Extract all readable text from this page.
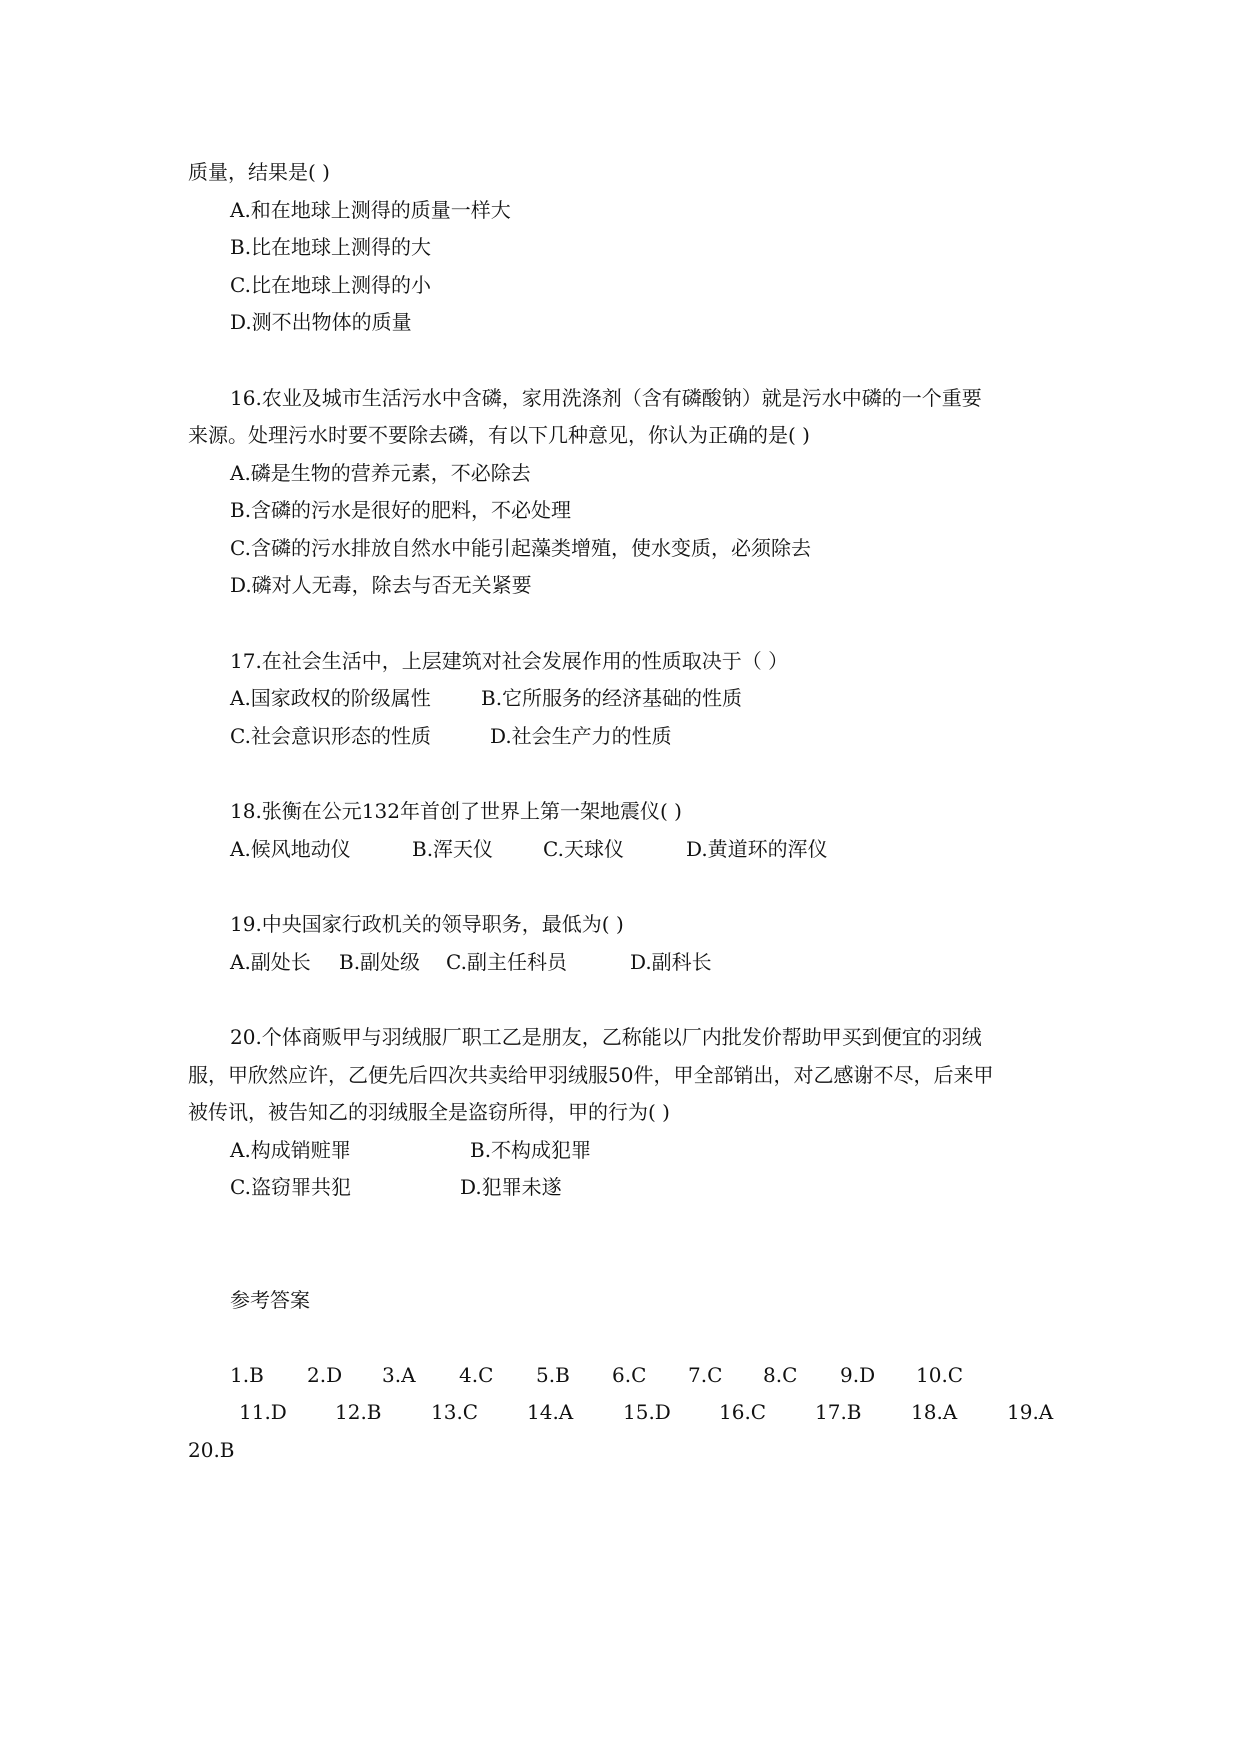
质量，结果是( )
A.和在地球上测得的质量一样大
B.比在地球上测得的大
C.比在地球上测得的小
D.测不出物体的质量
16.农业及城市生活污水中含磷，家用洗涤剂（含有磷酸钠）就是污水中磷的一个重要
来源。处理污水时要不要除去磷，有以下几种意见，你认为正确的是( )
A.磷是生物的营养元素，不必除去
B.含磷的污水是很好的肥料，不必处理
C.含磷的污水排放自然水中能引起藻类增殖，使水变质，必须除去
D.磷对人无毒，除去与否无关紧要
17.在社会生活中，上层建筑对社会发展作用的性质取决于（ ）
A.国家政权的阶级属性	B.它所服务的经济基础的性质
C.社会意识形态的性质	D.社会生产力的性质
18.张衡在公元132年首创了世界上第一架地震仪( )
A.候风地动仪	B.浑天仪 C.天球仪	D.黄道环的浑仪
19.中央国家行政机关的领导职务，最低为( )
A.副处长 B.副处级 C.副主任科员	D.副科长
20.个体商贩甲与羽绒服厂职工乙是朋友，乙称能以厂内批发价帮助甲买到便宜的羽绒
服，甲欣然应许，乙便先后四次共卖给甲羽绒服50件，甲全部销出，对乙感谢不尽，后来甲
被传讯，被告知乙的羽绒服全是盗窃所得，甲的行为( )
A.构成销赃罪	B.不构成犯罪
C.盗窃罪共犯	D.犯罪未遂
参考答案
1.B 2.D 3.A 4.C 5.B 6.C 7.C 8.C 9.D 10.C
11.D 12.B 13.C 14.A 15.D 16.C 17.B 18.A 19.A
20.B
